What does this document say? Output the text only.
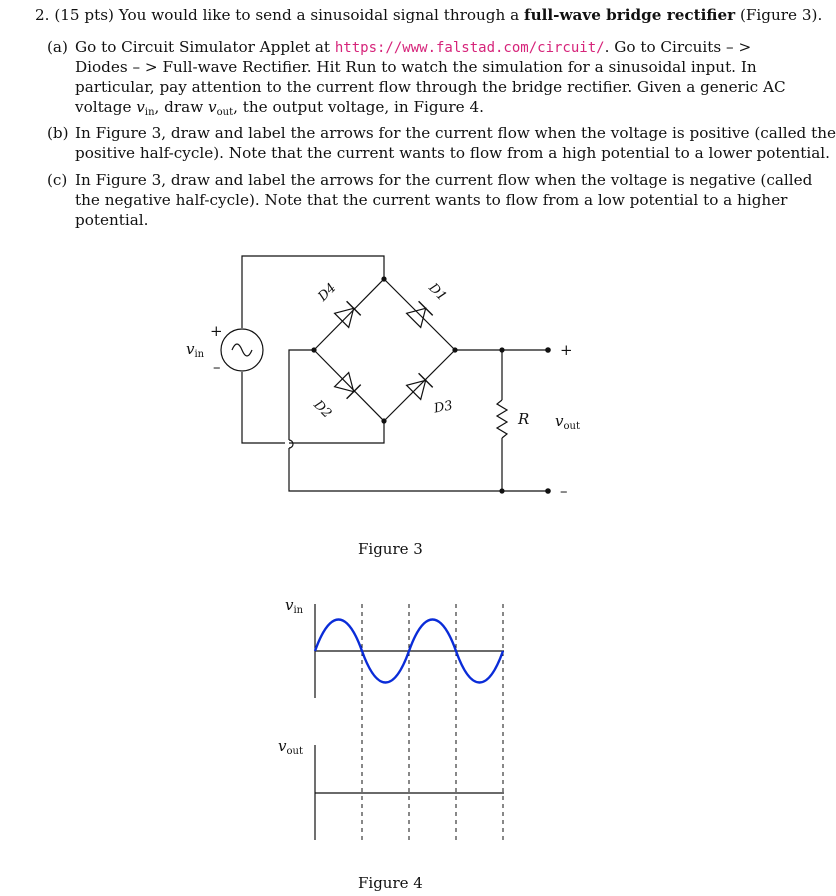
2. (15 pts) You would like to send a sinusoidal signal through a full-wave bridge rectifier (Figure 3).
(a) Go to Circuit Simulator Applet at https://www.falstad.com/circuit/. Go to Circuits – >
Diodes – > Full-wave Rectifier. Hit Run to watch the simulation for a sinusoidal input. In
particular, pay attention to the current flow through the bridge rectifier. Given a generic AC
voltage $v_{in}$, draw $v_{out}$, the output voltage, in Figure 4.
(b) In Figure 3, draw and label the arrows for the current flow when the voltage is positive (called the
positive half-cycle). Note that the current wants to flow from a high potential to a lower potential.
(c) In Figure 3, draw and label the arrows for the current flow when the voltage is negative (called
the negative half-cycle). Note that the current wants to flow from a low potential to a higher
potential.
$v_{in}$
+
–
D4	D1
D2	D3
R $v_{out}$
+
–
Figure 3
$v_{in}$
$v_{out}$
Figure 4
